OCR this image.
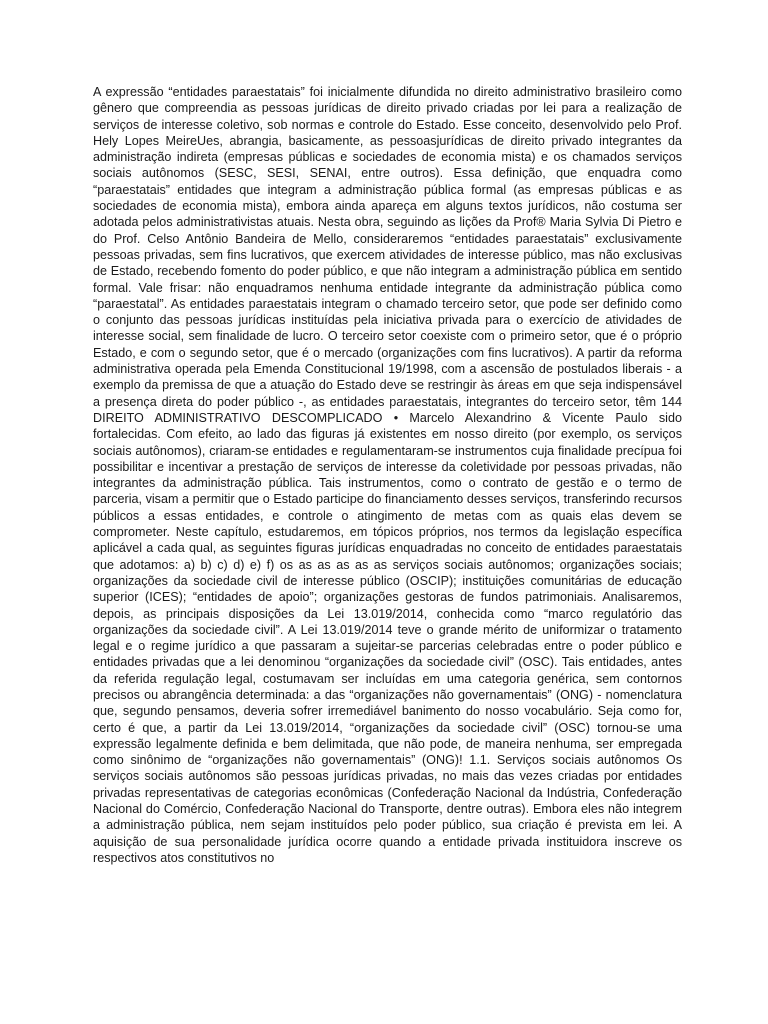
A expressão “entidades paraestatais” foi inicialmente difundida no direito administrativo brasileiro como gênero que compreendia as pessoas jurídicas de direito privado criadas por lei para a realização de serviços de interesse coletivo, sob normas e controle do Estado. Esse conceito, desenvolvido pelo Prof. Hely Lopes MeireUes, abrangia, basicamente, as pessoasjurídicas de direito privado integrantes da administração indireta (empresas públicas e sociedades de economia mista) e os chamados serviços sociais autônomos (SESC, SESI, SENAI, entre outros). Essa definição, que enquadra como “paraestatais” entidades que integram a administração pública formal (as empresas públicas e as sociedades de economia mista), embora ainda apareça em alguns textos jurídicos, não costuma ser adotada pelos administrativistas atuais. Nesta obra, seguindo as lições da Prof® Maria Sylvia Di Pietro e do Prof. Celso Antônio Bandeira de Mello, consideraremos “entidades paraestatais” exclusivamente pessoas privadas, sem fins lucrativos, que exercem atividades de interesse público, mas não exclusivas de Estado, recebendo fomento do poder público, e que não integram a administração pública em sentido formal. Vale frisar: não enquadramos nenhuma entidade integrante da administração pública como “paraestatal”. As entidades paraestatais integram o chamado terceiro setor, que pode ser definido como o conjunto das pessoas jurídicas instituídas pela iniciativa privada para o exercício de atividades de interesse social, sem finalidade de lucro. O terceiro setor coexiste com o primeiro setor, que é o próprio Estado, e com o segundo setor, que é o mercado (organizações com fins lucrativos). A partir da reforma administrativa operada pela Emenda Constitucional 19/1998, com a ascensão de postulados liberais - a exemplo da premissa de que a atuação do Estado deve se restringir às áreas em que seja indispensável a presença direta do poder público -, as entidades paraestatais, integrantes do terceiro setor, têm 144 DIREITO ADMINISTRATIVO DESCOMPLICADO • Marcelo Alexandrino & Vicente Paulo sido fortalecidas. Com efeito, ao lado das figuras já existentes em nosso direito (por exemplo, os serviços sociais autônomos), criaram-se entidades e regulamentaram-se instrumentos cuja finalidade precípua foi possibilitar e incentivar a prestação de serviços de interesse da coletividade por pessoas privadas, não integrantes da administração pública. Tais instrumentos, como o contrato de gestão e o termo de parceria, visam a permitir que o Estado participe do financiamento desses serviços, transferindo recursos públicos a essas entidades, e controle o atingimento de metas com as quais elas devem se comprometer. Neste capítulo, estudaremos, em tópicos próprios, nos termos da legislação específica aplicável a cada qual, as seguintes figuras jurídicas enquadradas no conceito de entidades paraestatais que adotamos: a) b) c) d) e) f) os as as as as as serviços sociais autônomos; organizações sociais; organizações da sociedade civil de interesse público (OSCIP); instituições comunitárias de educação superior (ICES); “entidades de apoio”; organizações gestoras de fundos patrimoniais. Analisaremos, depois, as principais disposições da Lei 13.019/2014, conhecida como “marco regulatório das organizações da sociedade civil”. A Lei 13.019/2014 teve o grande mérito de uniformizar o tratamento legal e o regime jurídico a que passaram a sujeitar-se parcerias celebradas entre o poder público e entidades privadas que a lei denominou “organizações da sociedade civil” (OSC). Tais entidades, antes da referida regulação legal, costumavam ser incluídas em uma categoria genérica, sem contornos precisos ou abrangência determinada: a das “organizações não governamentais” (ONG) - nomenclatura que, segundo pensamos, deveria sofrer irremediável banimento do nosso vocabulário. Seja como for, certo é que, a partir da Lei 13.019/2014, “organizações da sociedade civil” (OSC) tornou-se uma expressão legalmente definida e bem delimitada, que não pode, de maneira nenhuma, ser empregada como sinônimo de “organizações não governamentais” (ONG)! 1.1. Serviços sociais autônomos Os serviços sociais autônomos são pessoas jurídicas privadas, no mais das vezes criadas por entidades privadas representativas de categorias econômicas (Confederação Nacional da Indústria, Confederação Nacional do Comércio, Confederação Nacional do Transporte, dentre outras). Embora eles não integrem a administração pública, nem sejam instituídos pelo poder público, sua criação é prevista em lei. A aquisição de sua personalidade jurídica ocorre quando a entidade privada instituidora inscreve os respectivos atos constitutivos no
